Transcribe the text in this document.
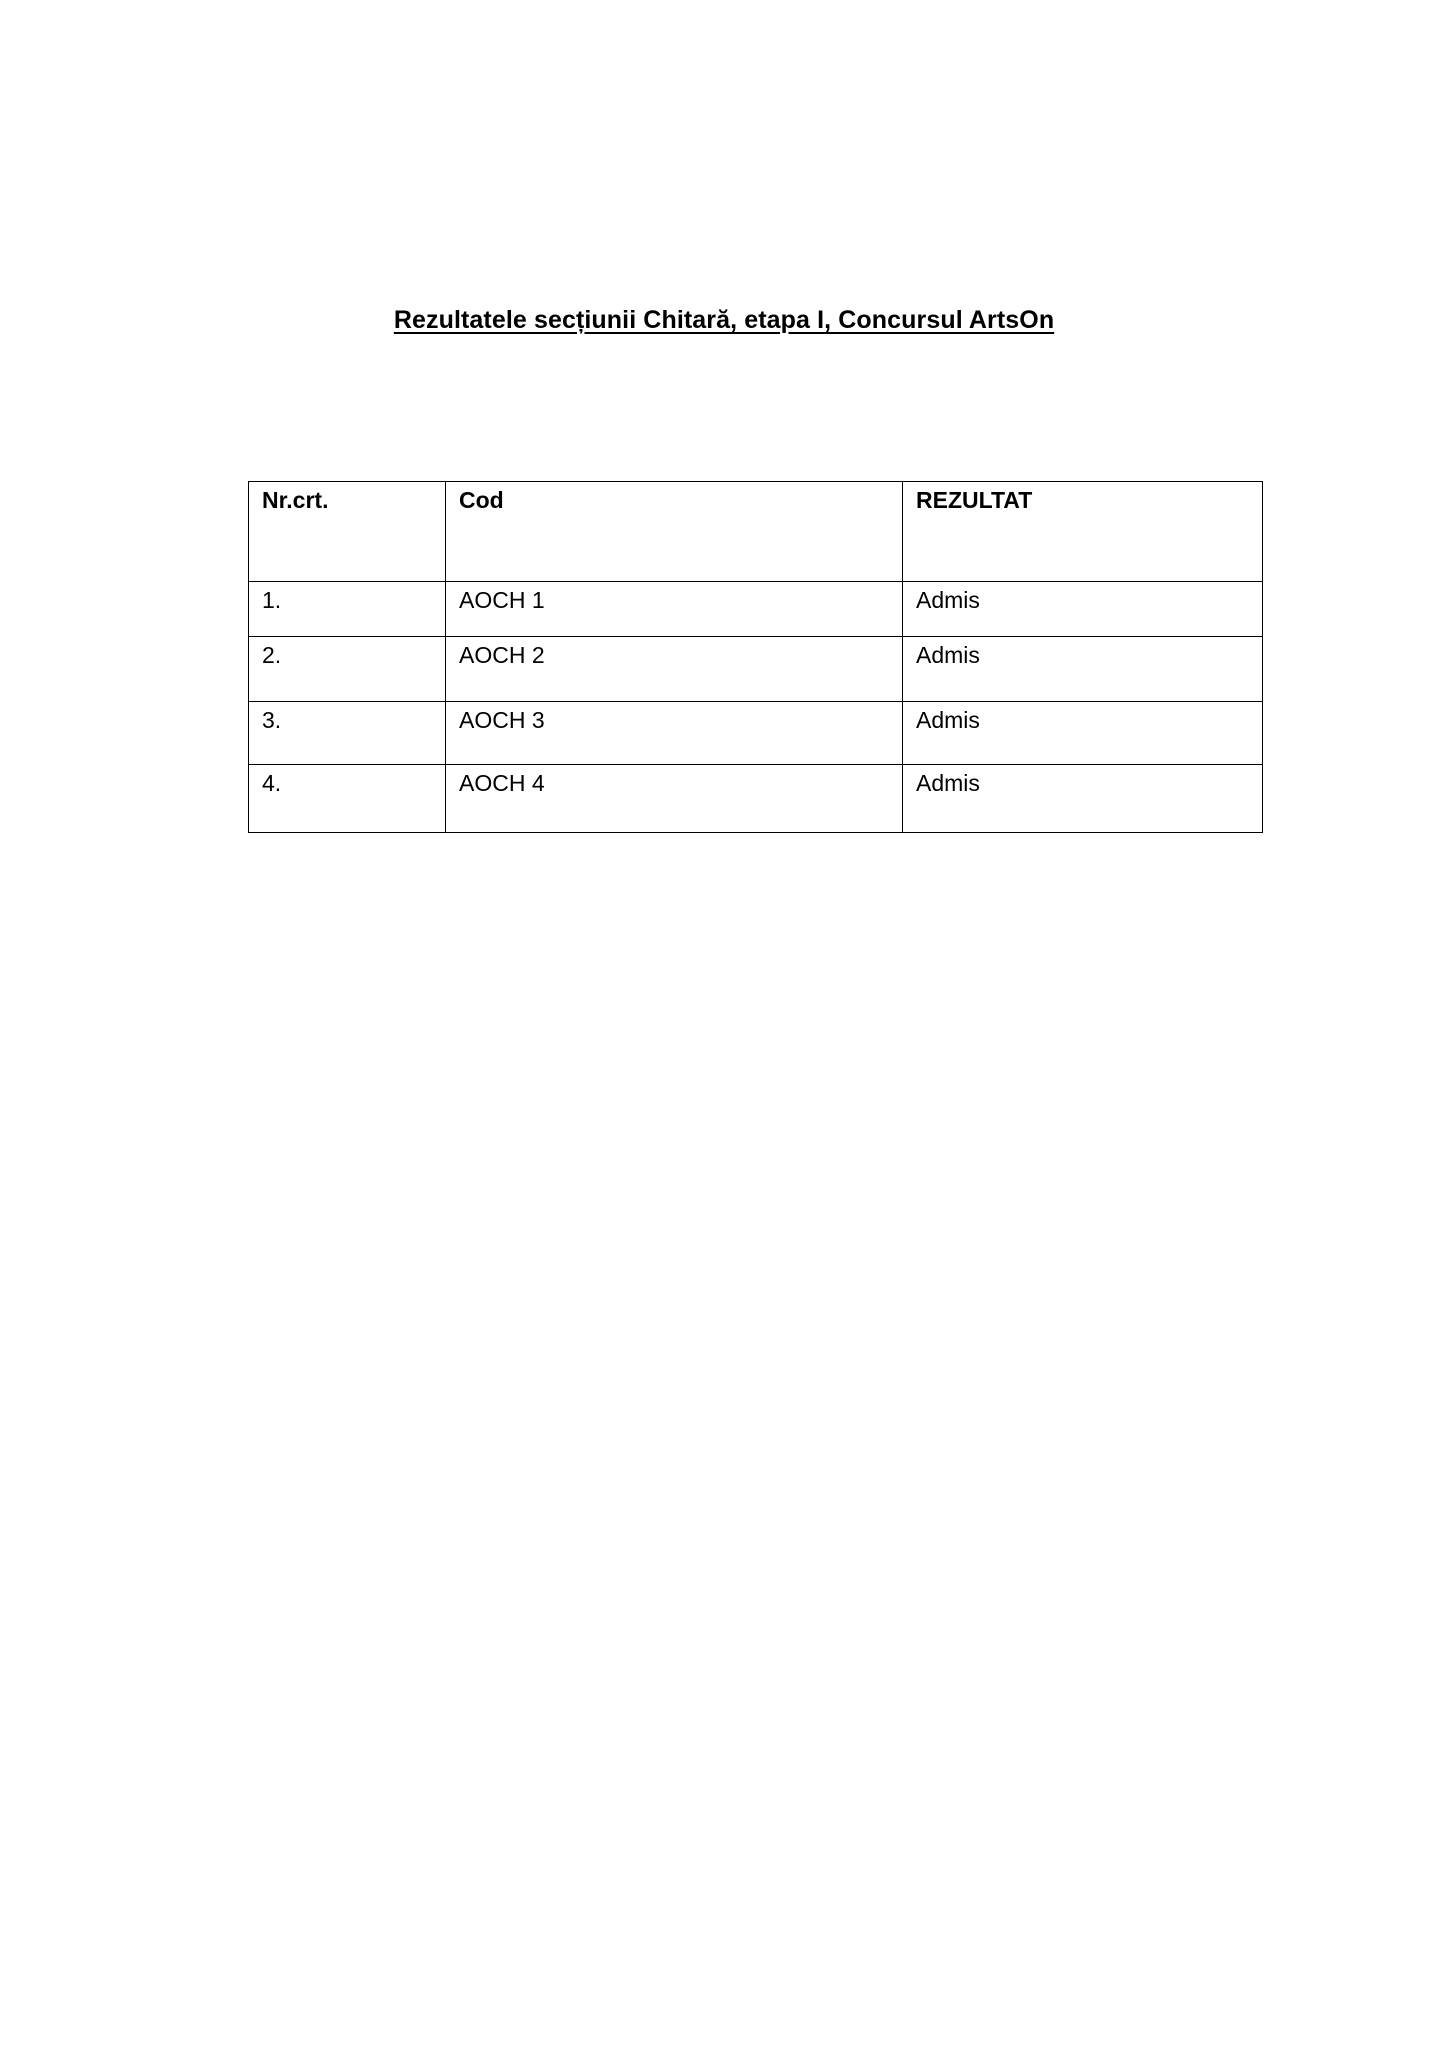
Rezultatele secțiunii Chitară, etapa I, Concursul ArtsOn
Nr.crt.	Cod	REZULTAT
1.	AOCH 1	Admis
2.	AOCH 2	Admis
3.	AOCH 3	Admis
4.	AOCH 4	Admis
